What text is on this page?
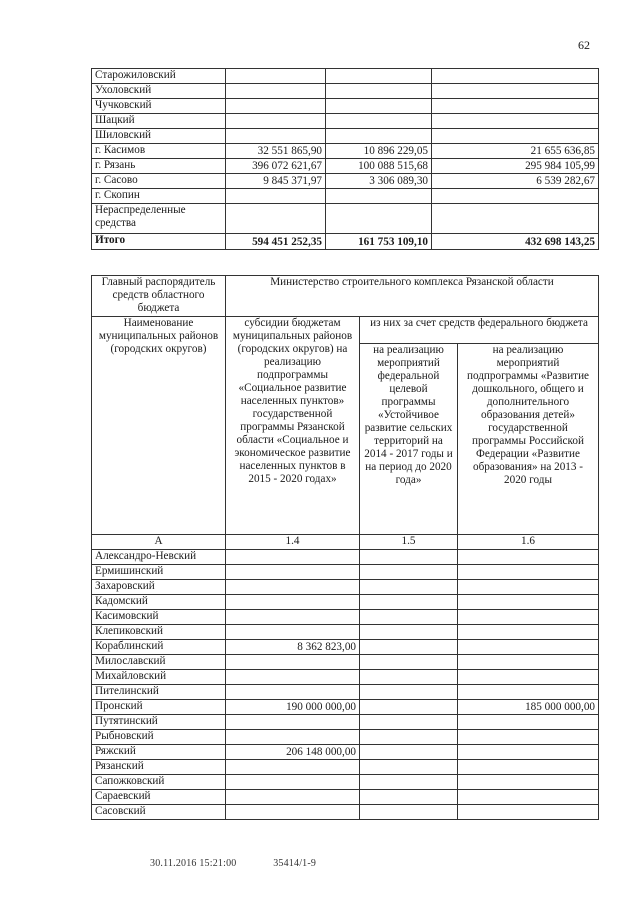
62
Старожиловский			
Ухоловский			
Чучковский			
Шацкий			
Шиловский			
г. Касимов	32 551 865,90	10 896 229,05	21 655 636,85
г. Рязань	396 072 621,67	100 088 515,68	295 984 105,99
г. Сасово	9 845 371,97	3 306 089,30	6 539 282,67
г. Скопин			
Нераспределенные средства			
Итого	594 451 252,35	161 753 109,10	432 698 143,25
Главный распорядитель средств областного бюджета	Министерство строительного комплекса Рязанской области		
Наименование муниципальных районов (городских округов)	субсидии бюджетам муниципальных районов (городских округов) на реализацию подпрограммы «Социальное развитие населенных пунктов» государственной программы Рязанской области «Социальное и экономическое развитие населенных пунктов в 2015 - 2020 годах»	из них за счет средств федерального бюджета	
		на реализацию мероприятий федеральной целевой программы «Устойчивое развитие сельских территорий на 2014 - 2017 годы и на период до 2020 года»	на реализацию мероприятий подпрограммы «Развитие дошкольного, общего и дополнительного образования детей» государственной программы Российской Федерации «Развитие образования» на 2013 - 2020 годы
А	1.4	1.5	1.6
Александро-Невский			
Ермишинский			
Захаровский			
Кадомский			
Касимовский			
Клепиковский			
Кораблинский	8 362 823,00		
Милославский			
Михайловский			
Пителинский			
Пронский	190 000 000,00		185 000 000,00
Путятинский			
Рыбновский			
Ряжский	206 148 000,00		
Рязанский			
Сапожковский			
Сараевский			
Сасовский			
30.11.2016 15:21:00	35414/1-9
